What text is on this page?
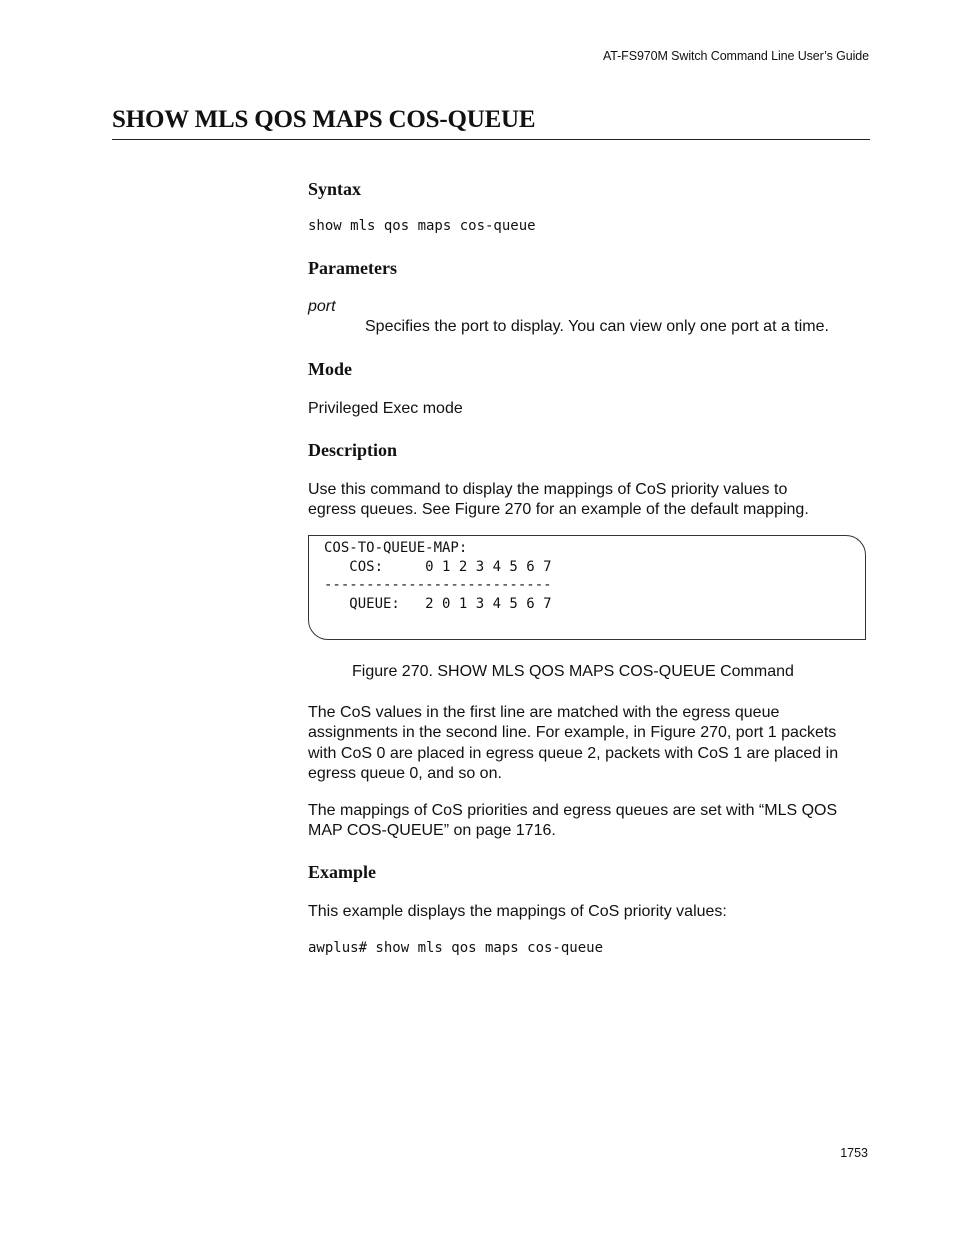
AT-FS970M Switch Command Line User’s Guide
SHOW MLS QOS MAPS COS-QUEUE
Syntax
show mls qos maps cos-queue
Parameters
port
Specifies the port to display. You can view only one port at a time.
Mode
Privileged Exec mode
Description
Use this command to display the mappings of CoS priority values to
egress queues. See Figure 270 for an example of the default mapping.
COS-TO-QUEUE-MAP:
COS:     0 1 2 3 4 5 6 7
---------------------------
QUEUE:   2 0 1 3 4 5 6 7
Figure 270. SHOW MLS QOS MAPS COS-QUEUE Command
The CoS values in the first line are matched with the egress queue
assignments in the second line. For example, in Figure 270, port 1 packets
with CoS 0 are placed in egress queue 2, packets with CoS 1 are placed in
egress queue 0, and so on.
The mappings of CoS priorities and egress queues are set with “MLS QOS
MAP COS-QUEUE” on page 1716.
Example
This example displays the mappings of CoS priority values:
awplus# show mls qos maps cos-queue
1753
